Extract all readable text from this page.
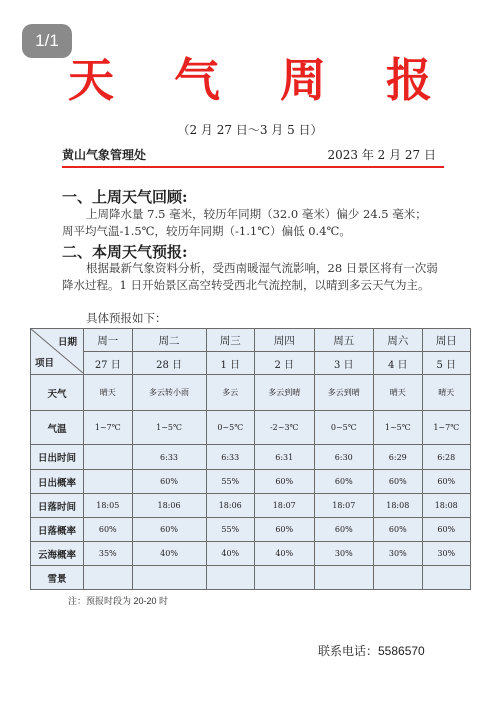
1/1
天 气 周 报
（2 月 27 日～3 月 5 日）
黄山气象管理处	2023 年 2 月 27 日
一、上周天气回顾:
上周降水量 7.5 毫米，较历年同期（32.0 毫米）偏少 24.5 毫米；
周平均气温-1.5℃，较历年同期（-1.1℃）偏低 0.4℃。
二、本周天气预报:
根据最新气象资料分析，受西南暖湿气流影响，28 日景区将有一次弱降水过程。1 日开始景区高空转受西北气流控制，以晴到多云天气为主。
具体预报如下：
日期
项目	周一	周二	周三	周四	周五	周六	周日
	27 日	28 日	1 日	2 日	3 日	4 日	5 日
天气	晴天	多云转小雨	多云	多云到晴	多云到晴	晴天	晴天
气温	1~7℃	1~5℃	0~5℃	-2~3℃	0~5℃	1~5℃	1~7℃
日出时间		6:33	6:33	6:31	6:30	6:29	6:28
日出概率		60%	55%	60%	60%	60%	60%
日落时间	18:05	18:06	18:06	18:07	18:07	18:08	18:08
日落概率	60%	60%	55%	60%	60%	60%	60%
云海概率	35%	40%	40%	40%	30%	30%	30%
雪景							
注：预报时段为 20-20 时
联系电话：5586570
